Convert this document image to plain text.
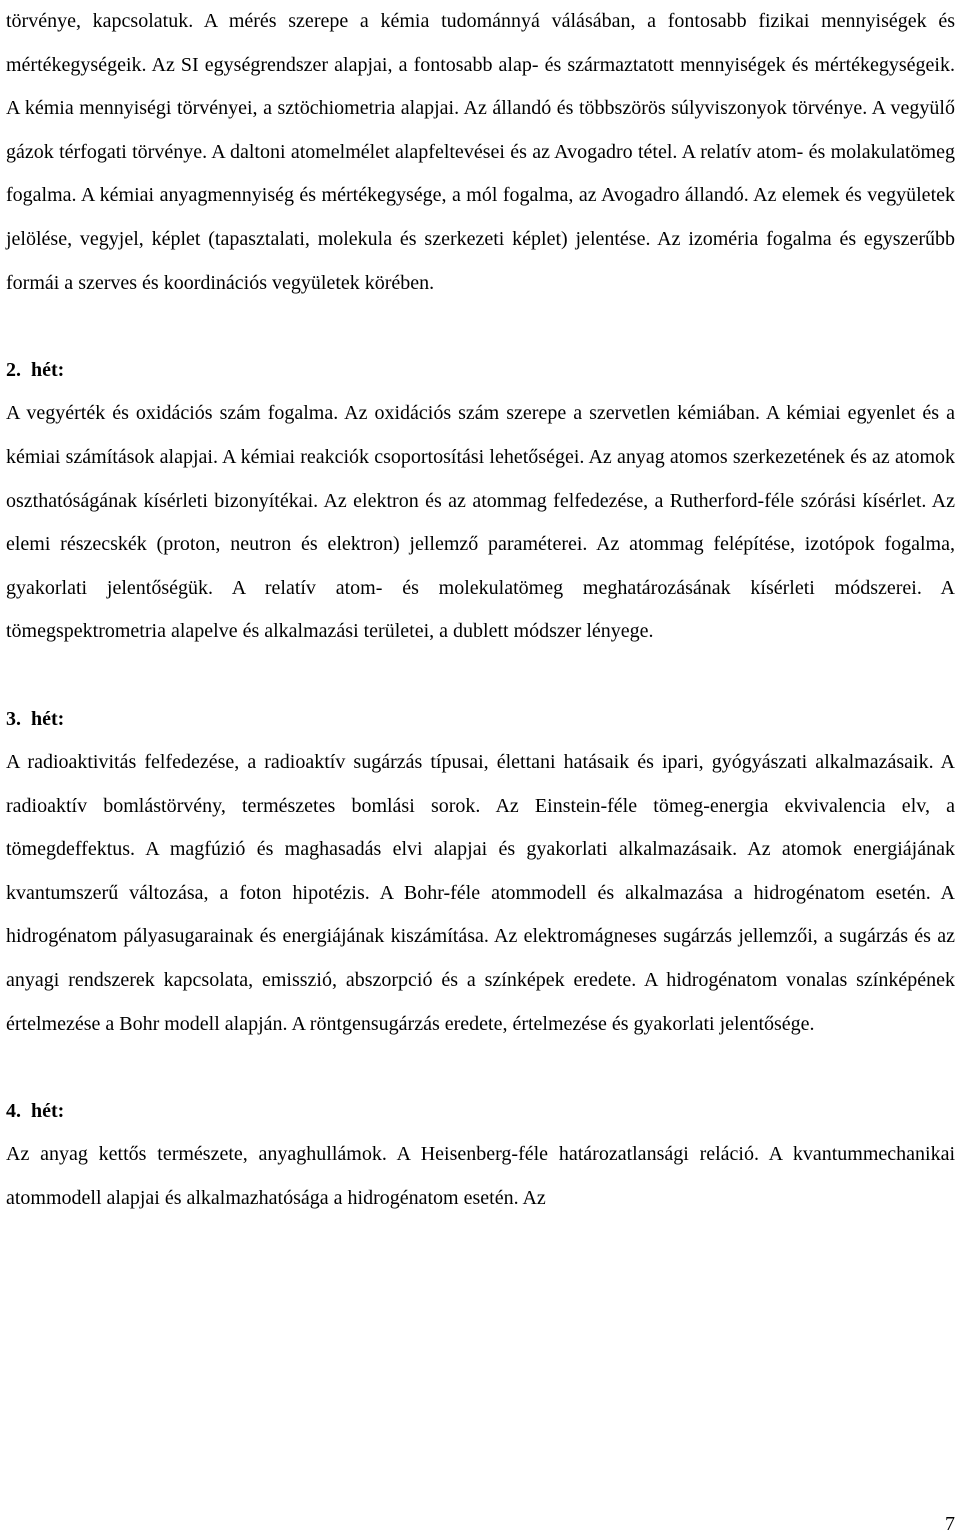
törvénye, kapcsolatuk. A mérés szerepe a kémia tudománnyá válásában, a fontosabb fizikai mennyiségek és mértékegységeik. Az SI egységrendszer alapjai, a fontosabb alap- és származtatott mennyiségek és mértékegységeik. A kémia mennyiségi törvényei, a sztöchiometria alapjai. Az állandó és többszörös súlyviszonyok törvénye. A vegyülő gázok térfogati törvénye. A daltoni atomelmélet alapfeltevései és az Avogadro tétel. A relatív atom- és molakulatömeg fogalma. A kémiai anyagmennyiség és mértékegysége, a mól fogalma, az Avogadro állandó. Az elemek és vegyületek jelölése, vegyjel, képlet (tapasztalati, molekula és szerkezeti képlet) jelentése. Az izoméria fogalma és egyszerűbb formái a szerves és koordinációs vegyületek körében.

2. hét:

A vegyérték és oxidációs szám fogalma. Az oxidációs szám szerepe a szervetlen kémiában. A kémiai egyenlet és a kémiai számítások alapjai. A kémiai reakciók csoportosítási lehetőségei. Az anyag atomos szerkezetének és az atomok oszthatóságának kísérleti bizonyítékai. Az elektron és az atommag felfedezése, a Rutherford-féle szórási kísérlet. Az elemi részecskék (proton, neutron és elektron) jellemző paraméterei. Az atommag felépítése, izotópok fogalma, gyakorlati jelentőségük. A relatív atom- és molekulatömeg meghatározásának kísérleti módszerei. A tömegspektrometria alapelve és alkalmazási területei, a dublett módszer lényege.

3. hét:

A radioaktivitás felfedezése, a radioaktív sugárzás típusai, élettani hatásaik és ipari, gyógyászati alkalmazásaik. A radioaktív bomlástörvény, természetes bomlási sorok. Az Einstein-féle tömeg-energia ekvivalencia elv, a tömegdeffektus. A magfúzió és maghasadás elvi alapjai és gyakorlati alkalmazásaik. Az atomok energiájának kvantumszerű változása, a foton hipotézis. A Bohr-féle atommodell és alkalmazása a hidrogénatom esetén. A hidrogénatom pályasugarainak és energiájának kiszámítása. Az elektromágneses sugárzás jellemzői, a sugárzás és az anyagi rendszerek kapcsolata, emisszió, abszorpció és a színképek eredete. A hidrogénatom vonalas színképének értelmezése a Bohr modell alapján. A röntgensugárzás eredete, értelmezése és gyakorlati jelentősége.

4. hét:

Az anyag kettős természete, anyaghullámok. A Heisenberg-féle határozatlansági reláció. A kvantummechanikai atommodell alapjai és alkalmazhatósága a hidrogénatom esetén. Az

7
